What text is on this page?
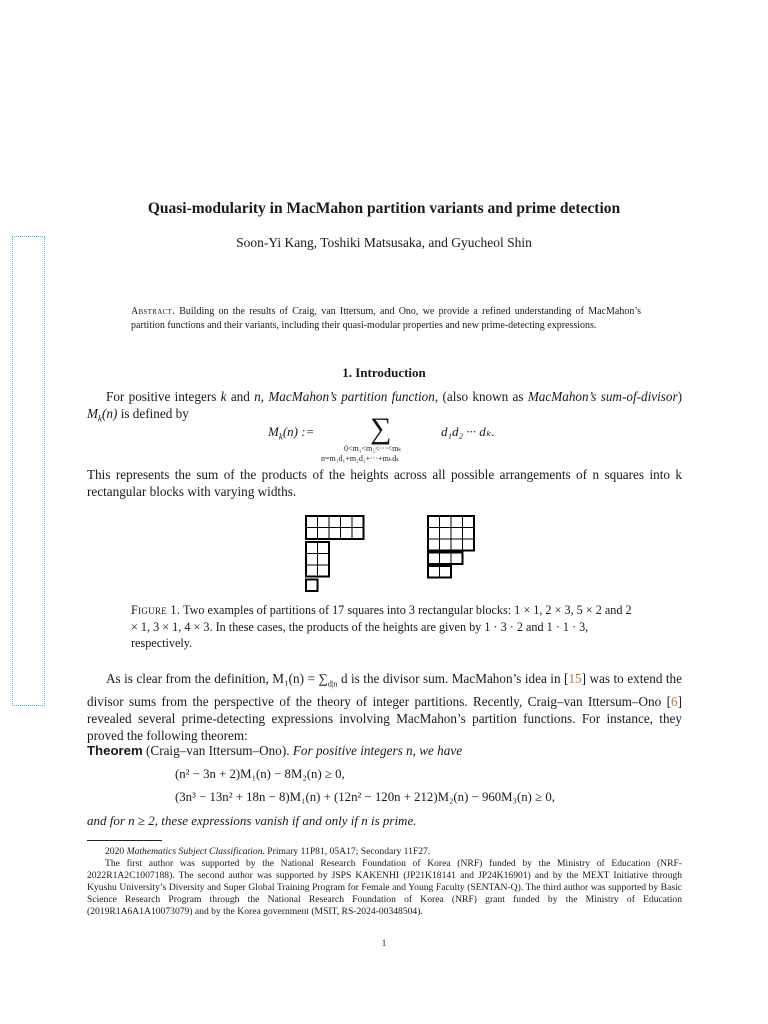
Quasi-modularity in MacMahon partition variants and prime detection
Soon-Yi Kang, Toshiki Matsusaka, and Gyucheol Shin
Abstract. Building on the results of Craig, van Ittersum, and Ono, we provide a refined understanding of MacMahon’s partition functions and their variants, including their quasi-modular properties and new prime-detecting expressions.
1. Introduction
For positive integers k and n, MacMahon’s partition function, (also known as MacMahon’s sum-of-divisor) $M_k(n)$ is defined by
$M_k(n)$ := ∑
0<m₁<m₂<···<mₖ
n=m₁d₁+m₂d₂+···+mₖdₖ
d₁d₂ ··· dₖ.
This represents the sum of the products of the heights across all possible arrangements of n squares into k rectangular blocks with varying widths.
Figure 1. Two examples of partitions of 17 squares into 3 rectangular blocks: 1 × 1, 2 × 3, 5 × 2 and 2 × 1, 3 × 1, 4 × 3. In these cases, the products of the heights are given by 1 · 3 · 2 and 1 · 1 · 3, respectively.
As is clear from the definition, $M_1(n) = \sum_{d|n}$ d is the divisor sum. MacMahon’s idea in [15] was to extend the divisor sums from the perspective of the theory of integer partitions. Recently, Craig–van Ittersum–Ono [6] revealed several prime-detecting expressions involving MacMahon’s partition functions. For instance, they proved the following theorem:
Theorem (Craig–van Ittersum–Ono). For positive integers n, we have
(n² − 3n + 2)M₁(n) − 8M₂(n) ≥ 0,
(3n³ − 13n² + 18n − 8)M₁(n) + (12n² − 120n + 212)M₂(n) − 960M₃(n) ≥ 0,
and for n ≥ 2, these expressions vanish if and only if n is prime.

2020 Mathematics Subject Classification. Primary 11P81, 05A17; Secondary 11F27.

The first author was supported by the National Research Foundation of Korea (NRF) funded by the Ministry of Education (NRF-2022R1A2C1007188). The second author was supported by JSPS KAKENHI (JP21K18141 and JP24K16901) and by the MEXT Initiative through Kyushu University’s Diversity and Super Global Training Program for Female and Young Faculty (SENTAN-Q). The third author was supported by Basic Science Research Program through the National Research Foundation of Korea (NRF) grant funded by the Ministry of Education (2019R1A6A1A10073079) and by the Korea government (MSIT, RS-2024-00348504).

1
